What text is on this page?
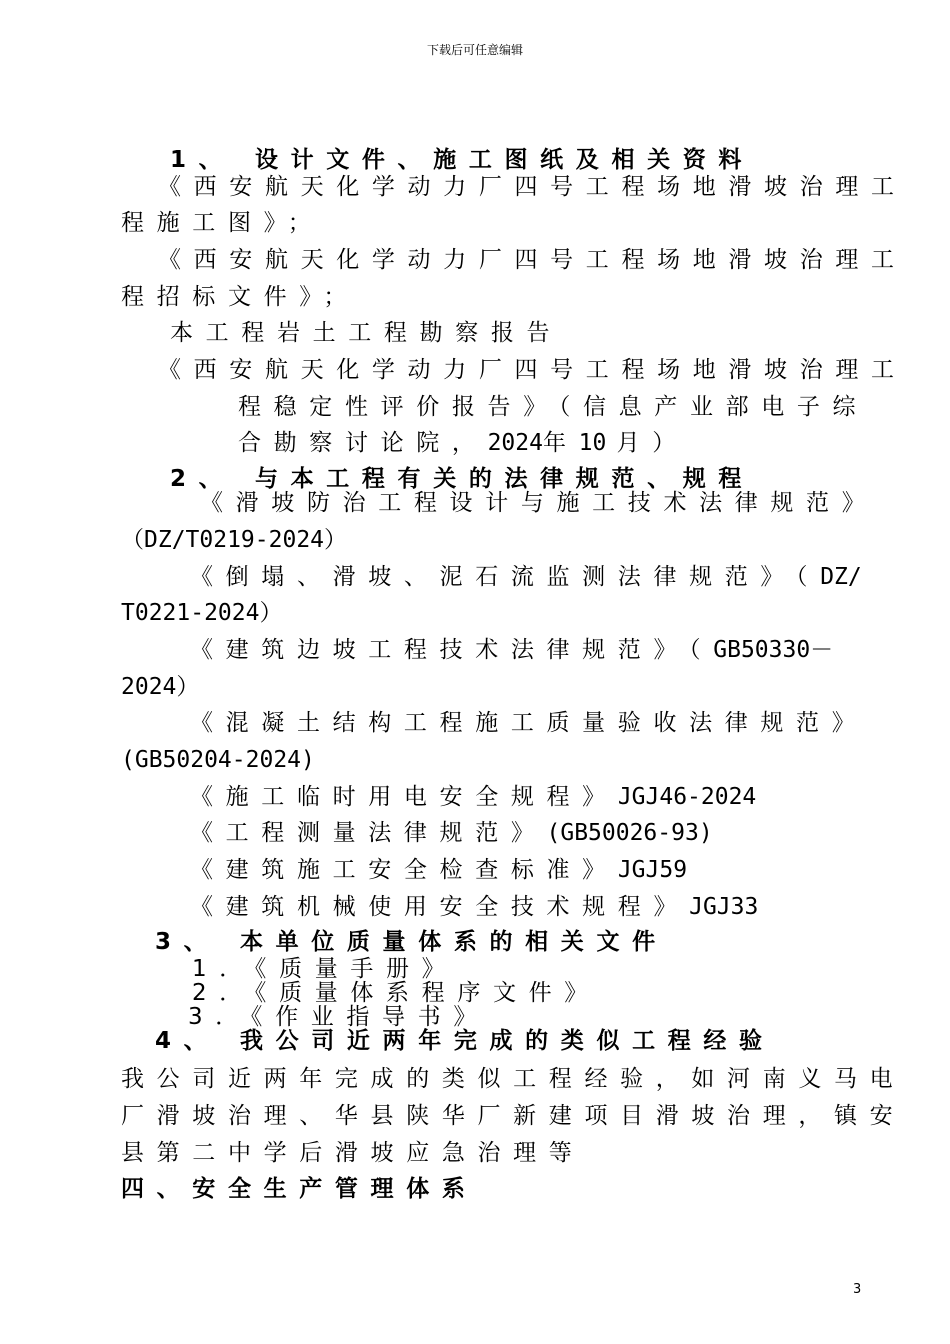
下载后可任意编辑
1、 设计文件、施工图纸及相关资料
《西安航天化学动力厂四号工程场地滑坡治理工
程施工图》；
《西安航天化学动力厂四号工程场地滑坡治理工
程招标文件》；
本工程岩土工程勘察报告
《西安航天化学动力厂四号工程场地滑坡治理工
程稳定性评价报告》（信息产业部电子综
合勘察讨论院，2024年10 月）
2、 与本工程有关的法律规范、规程
《滑坡防治工程设计与施工技术法律规范》
（DZ/T0219-2024）
《倒塌、滑坡、泥石流监测法律规范》（DZ/
T0221-2024）
《建筑边坡工程技术法律规范》（GB50330－
2024）
《混凝土结构工程施工质量验收法律规范》
(GB50204-2024)
《施工临时用电安全规程》JGJ46-2024
《工程测量法律规范》(GB50026-93)
《建筑施工安全检查标准》JGJ59
《建筑机械使用安全技术规程》JGJ33
3、 本单位质量体系的相关文件
1．《质量手册》
2．《质量体系程序文件》
3．《作业指导书》
4、 我公司近两年完成的类似工程经验
我公司近两年完成的类似工程经验，如河南义马电
厂滑坡治理、华县陕华厂新建项目滑坡治理，镇安
县第二中学后滑坡应急治理等
四、安全生产管理体系
3
